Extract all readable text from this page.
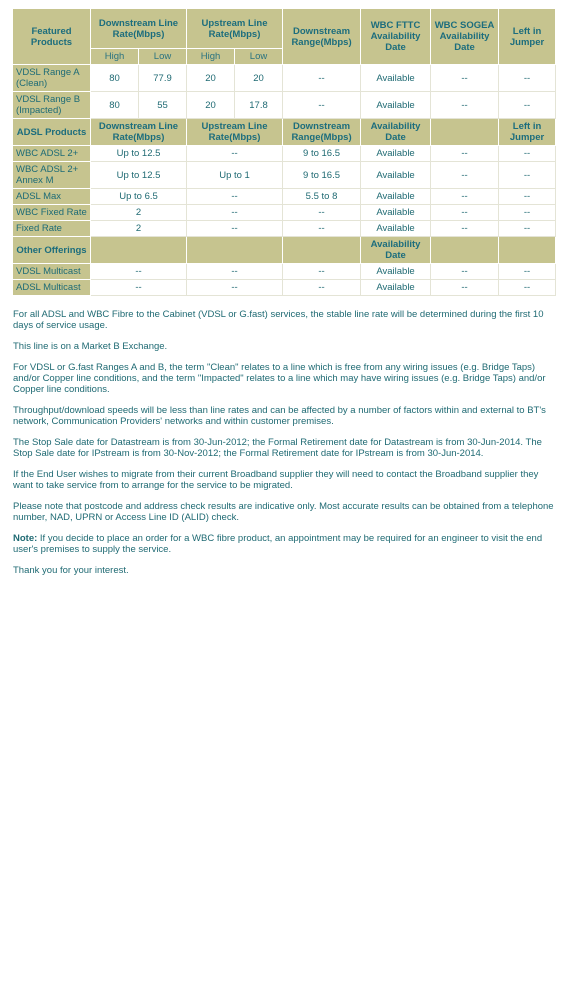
Featured Products	Downstream Line Rate(Mbps)		Upstream Line Rate(Mbps)		Downstream Range(Mbps)	WBC FTTC Availability Date	WBC SOGEA Availability Date	Left in Jumper
	High	Low	High	Low				
VDSL Range A (Clean)	80	77.9	20	20	--	Available	--	--
VDSL Range B (Impacted)	80	55	20	17.8	--	Available	--	--
ADSL Products	Downstream Line Rate(Mbps)		Upstream Line Rate(Mbps)		Downstream Range(Mbps)	Availability Date		Left in Jumper
WBC ADSL 2+	Up to 12.5		--		9 to 16.5	Available	--	--
WBC ADSL 2+ Annex M	Up to 12.5		Up to 1		9 to 16.5	Available	--	--
ADSL Max	Up to 6.5		--		5.5 to 8	Available	--	--
WBC Fixed Rate	2		--		--	Available	--	--
Fixed Rate	2		--		--	Available	--	--
Other Offerings						Availability Date		
VDSL Multicast	--		--		--	Available	--	--
ADSL Multicast	--		--		--	Available	--	--

For all ADSL and WBC Fibre to the Cabinet (VDSL or G.fast) services, the stable line rate will be determined during the first 10 days of service usage.

This line is on a Market B Exchange.

For VDSL or G.fast Ranges A and B, the term "Clean" relates to a line which is free from any wiring issues (e.g. Bridge Taps) and/or Copper line conditions, and the term "Impacted" relates to a line which may have wiring issues (e.g. Bridge Taps) and/or Copper line conditions.

Throughput/download speeds will be less than line rates and can be affected by a number of factors within and external to BT's network, Communication Providers' networks and within customer premises.

The Stop Sale date for Datastream is from 30-Jun-2012; the Formal Retirement date for Datastream is from 30-Jun-2014. The Stop Sale date for IPstream is from 30-Nov-2012; the Formal Retirement date for IPstream is from 30-Jun-2014.

If the End User wishes to migrate from their current Broadband supplier they will need to contact the Broadband supplier they want to take service from to arrange for the service to be migrated.

Please note that postcode and address check results are indicative only. Most accurate results can be obtained from a telephone number, NAD, UPRN or Access Line ID (ALID) check.

Note: If you decide to place an order for a WBC fibre product, an appointment may be required for an engineer to visit the end user's premises to supply the service.

Thank you for your interest.
